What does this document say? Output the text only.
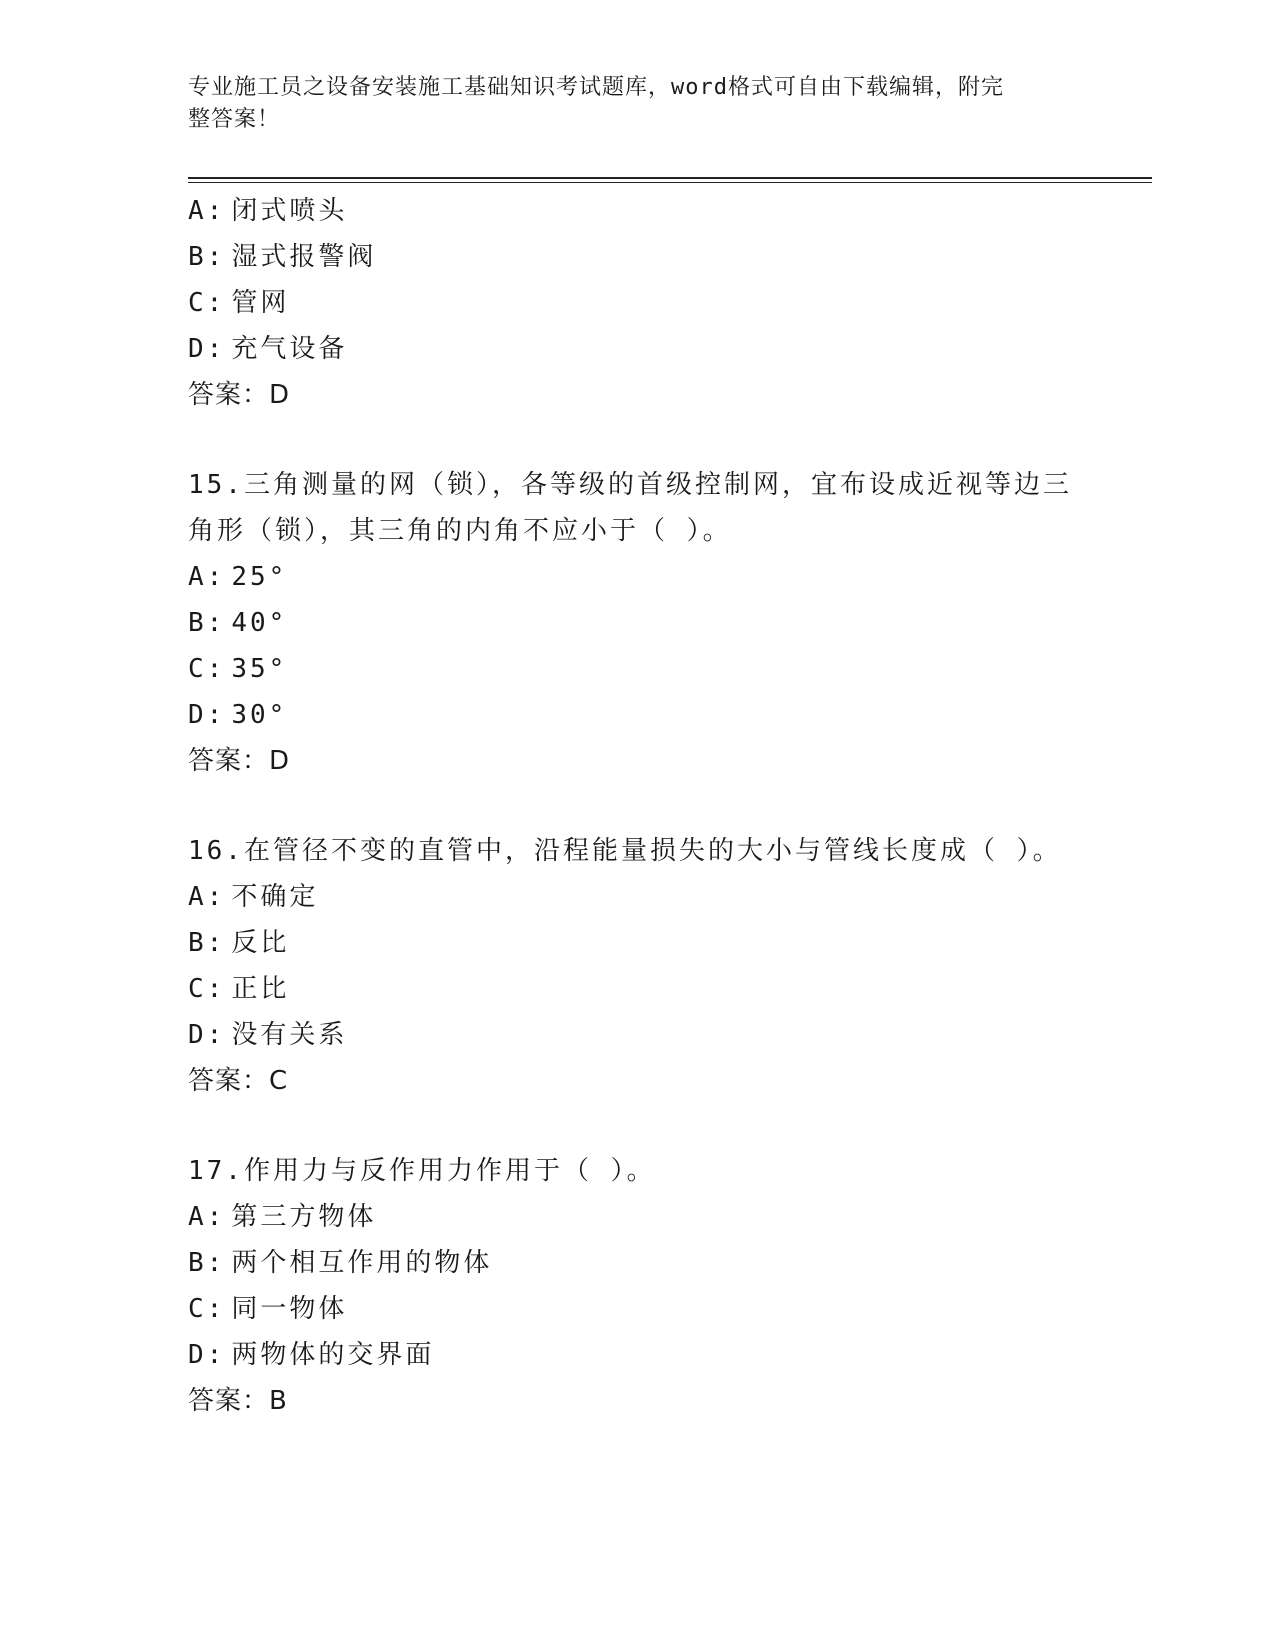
专业施工员之设备安装施工基础知识考试题库，word格式可自由下载编辑，附完
整答案！
A: 闭式喷头
B: 湿式报警阀
C: 管网
D: 充气设备
答案：D
15.三角测量的网（锁），各等级的首级控制网，宜布设成近视等边三
角形（锁），其三角的内角不应小于（ ）。
A: 25°
B: 40°
C: 35°
D: 30°
答案：D
16.在管径不变的直管中，沿程能量损失的大小与管线长度成（ ）。
A: 不确定
B: 反比
C: 正比
D: 没有关系
答案：C
17.作用力与反作用力作用于（ ）。
A: 第三方物体
B: 两个相互作用的物体
C: 同一物体
D: 两物体的交界面
答案：B
